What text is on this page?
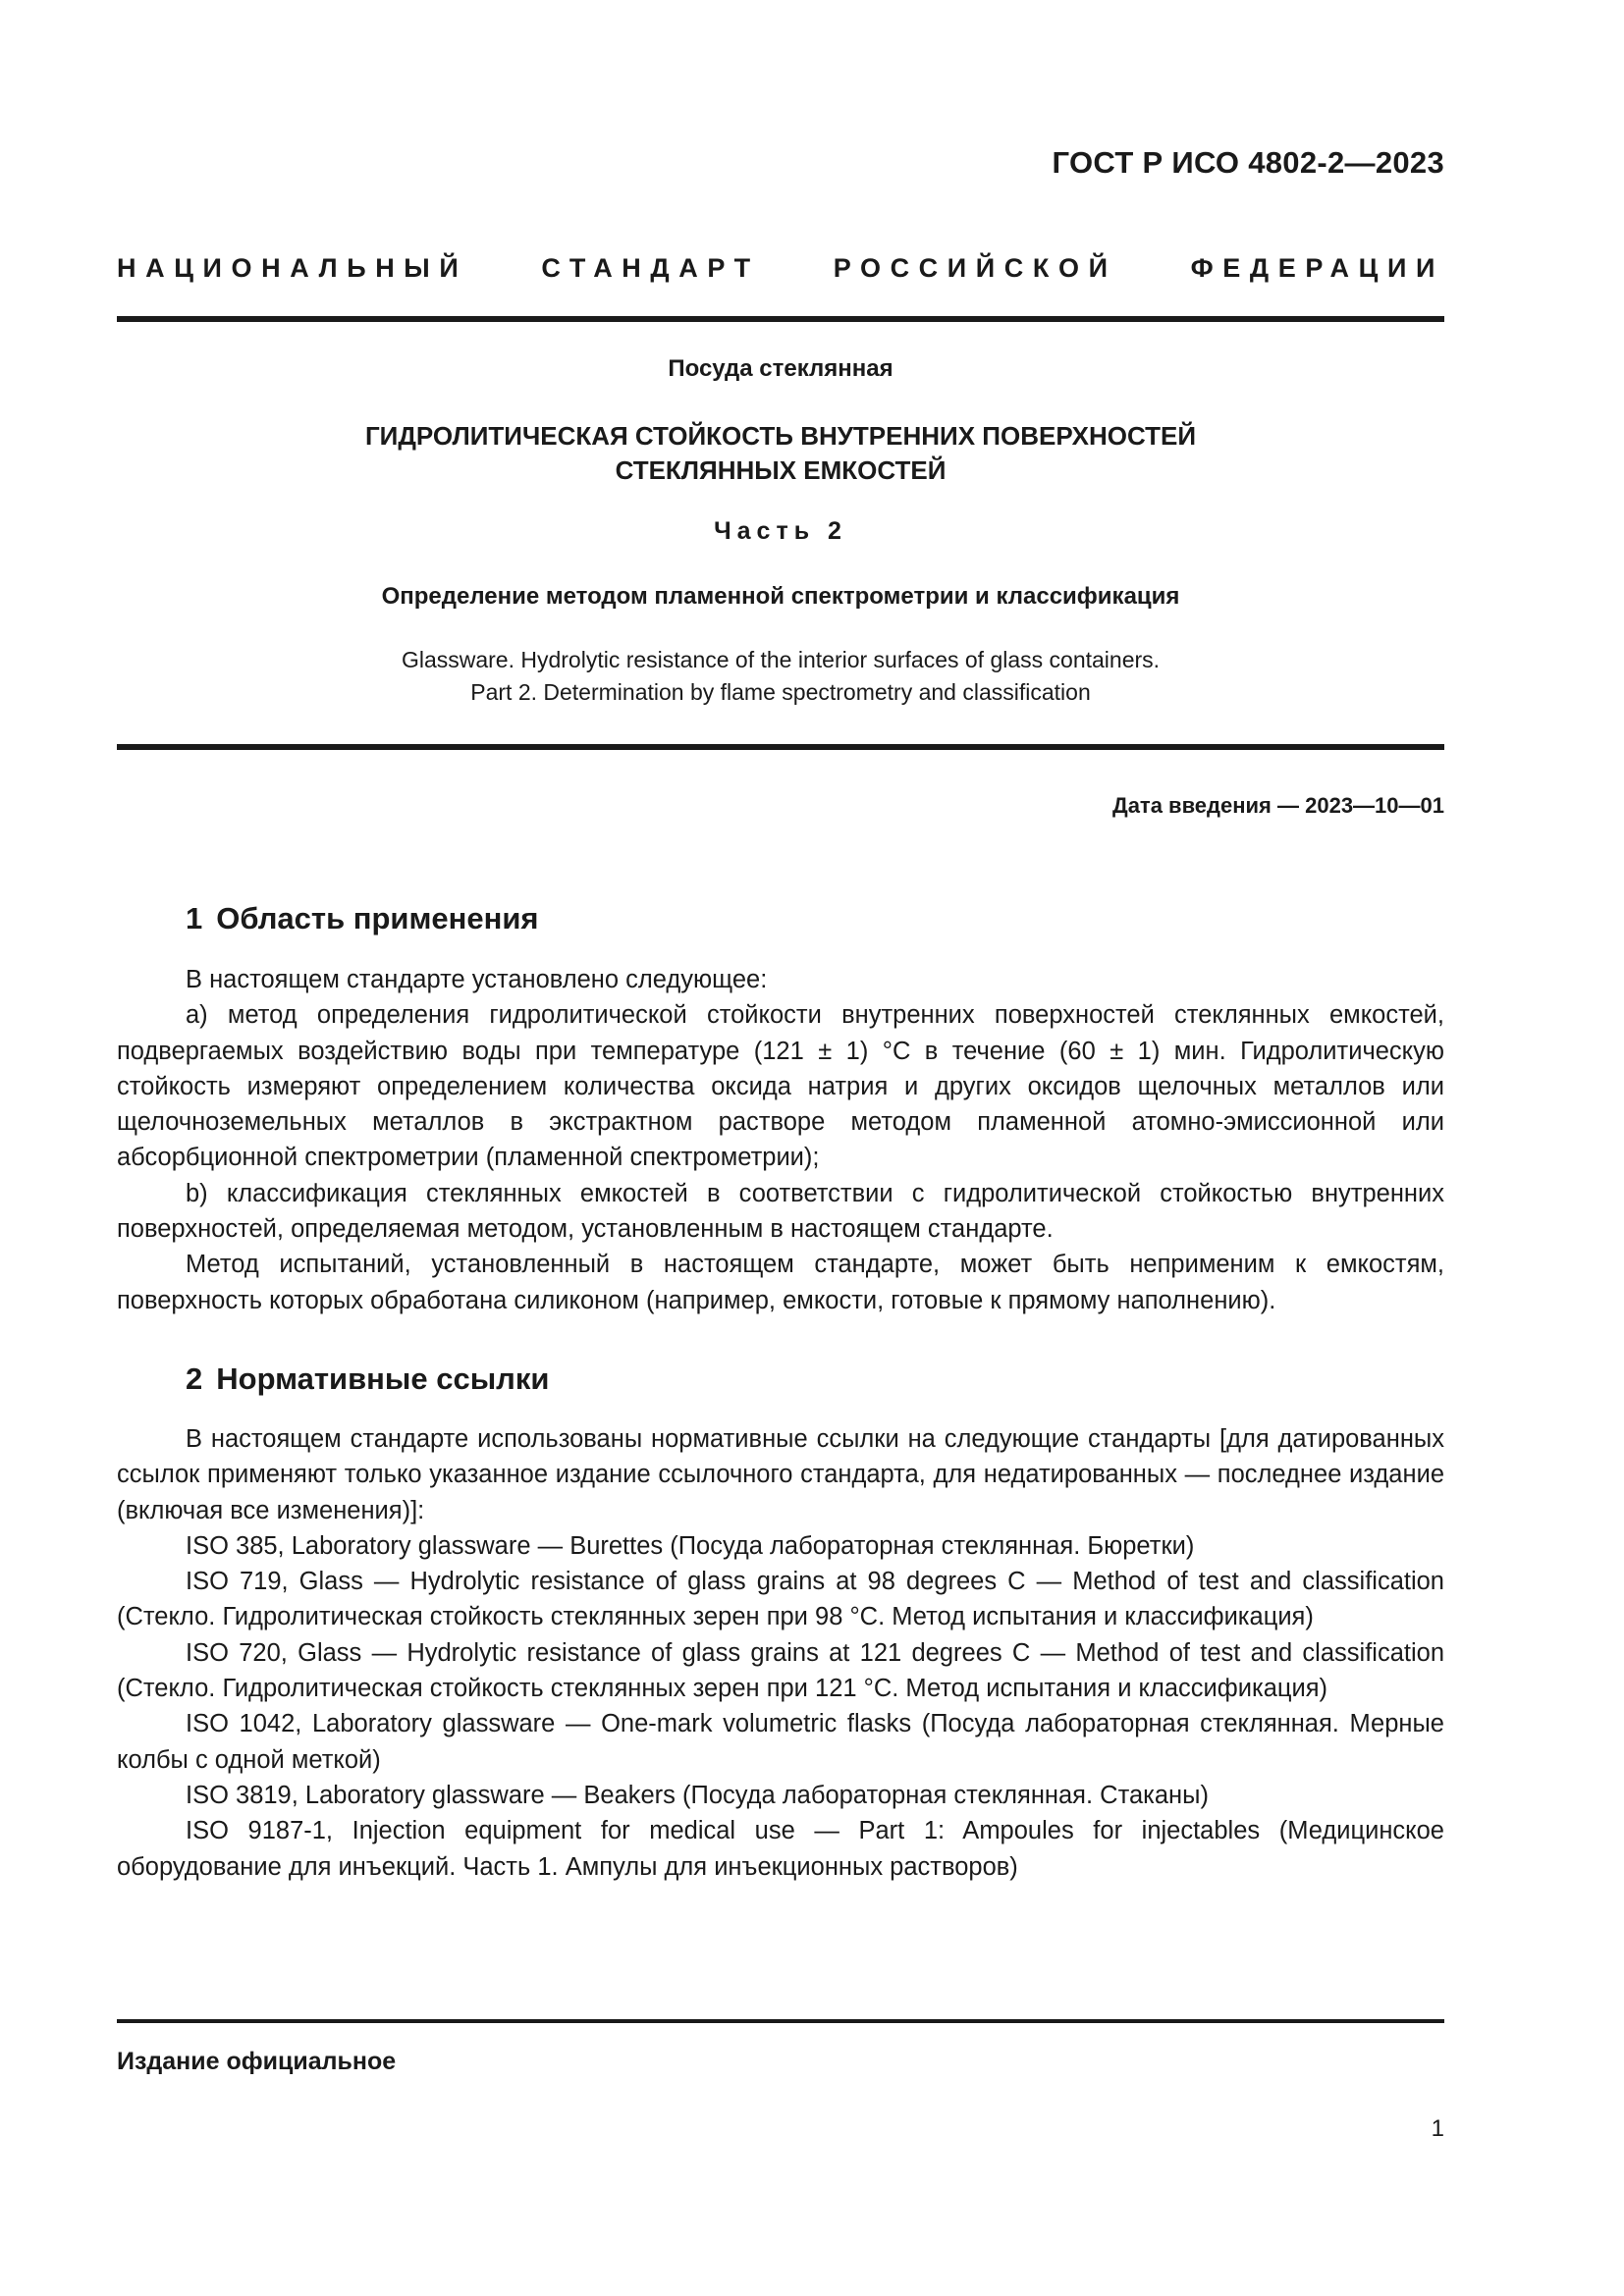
ГОСТ Р ИСО 4802-2—2023
НАЦИОНАЛЬНЫЙ СТАНДАРТ РОССИЙСКОЙ ФЕДЕРАЦИИ
Посуда стеклянная
ГИДРОЛИТИЧЕСКАЯ СТОЙКОСТЬ ВНУТРЕННИХ ПОВЕРХНОСТЕЙ
СТЕКЛЯННЫХ ЕМКОСТЕЙ
Часть 2
Определение методом пламенной спектрометрии и классификация
Glassware. Hydrolytic resistance of the interior surfaces of glass containers.
Part 2. Determination by flame spectrometry and classification
Дата введения — 2023—10—01
1 Область применения

В настоящем стандарте установлено следующее:

a) метод определения гидролитической стойкости внутренних поверхностей стеклянных емкостей, подвергаемых воздействию воды при температуре (121 ± 1) °C в течение (60 ± 1) мин. Гидролитическую стойкость измеряют определением количества оксида натрия и других оксидов щелочных металлов или щелочноземельных металлов в экстрактном растворе методом пламенной атомно-эмиссионной или абсорбционной спектрометрии (пламенной спектрометрии);

b) классификация стеклянных емкостей в соответствии с гидролитической стойкостью внутренних поверхностей, определяемая методом, установленным в настоящем стандарте.

Метод испытаний, установленный в настоящем стандарте, может быть неприменим к емкостям, поверхность которых обработана силиконом (например, емкости, готовые к прямому наполнению).

2 Нормативные ссылки

В настоящем стандарте использованы нормативные ссылки на следующие стандарты [для датированных ссылок применяют только указанное издание ссылочного стандарта, для недатированных — последнее издание (включая все изменения)]:

ISO 385, Laboratory glassware — Burettes (Посуда лабораторная стеклянная. Бюретки)

ISO 719, Glass — Hydrolytic resistance of glass grains at 98 degrees C — Method of test and classification (Стекло. Гидролитическая стойкость стеклянных зерен при 98 °C. Метод испытания и классификация)

ISO 720, Glass — Hydrolytic resistance of glass grains at 121 degrees C — Method of test and classification (Стекло. Гидролитическая стойкость стеклянных зерен при 121 °C. Метод испытания и классификация)

ISO 1042, Laboratory glassware — One-mark volumetric flasks (Посуда лабораторная стеклянная. Мерные колбы с одной меткой)

ISO 3819, Laboratory glassware — Beakers (Посуда лабораторная стеклянная. Стаканы)

ISO 9187-1, Injection equipment for medical use — Part 1: Ampoules for injectables (Медицинское оборудование для инъекций. Часть 1. Ампулы для инъекционных растворов)

Издание официальное
1
